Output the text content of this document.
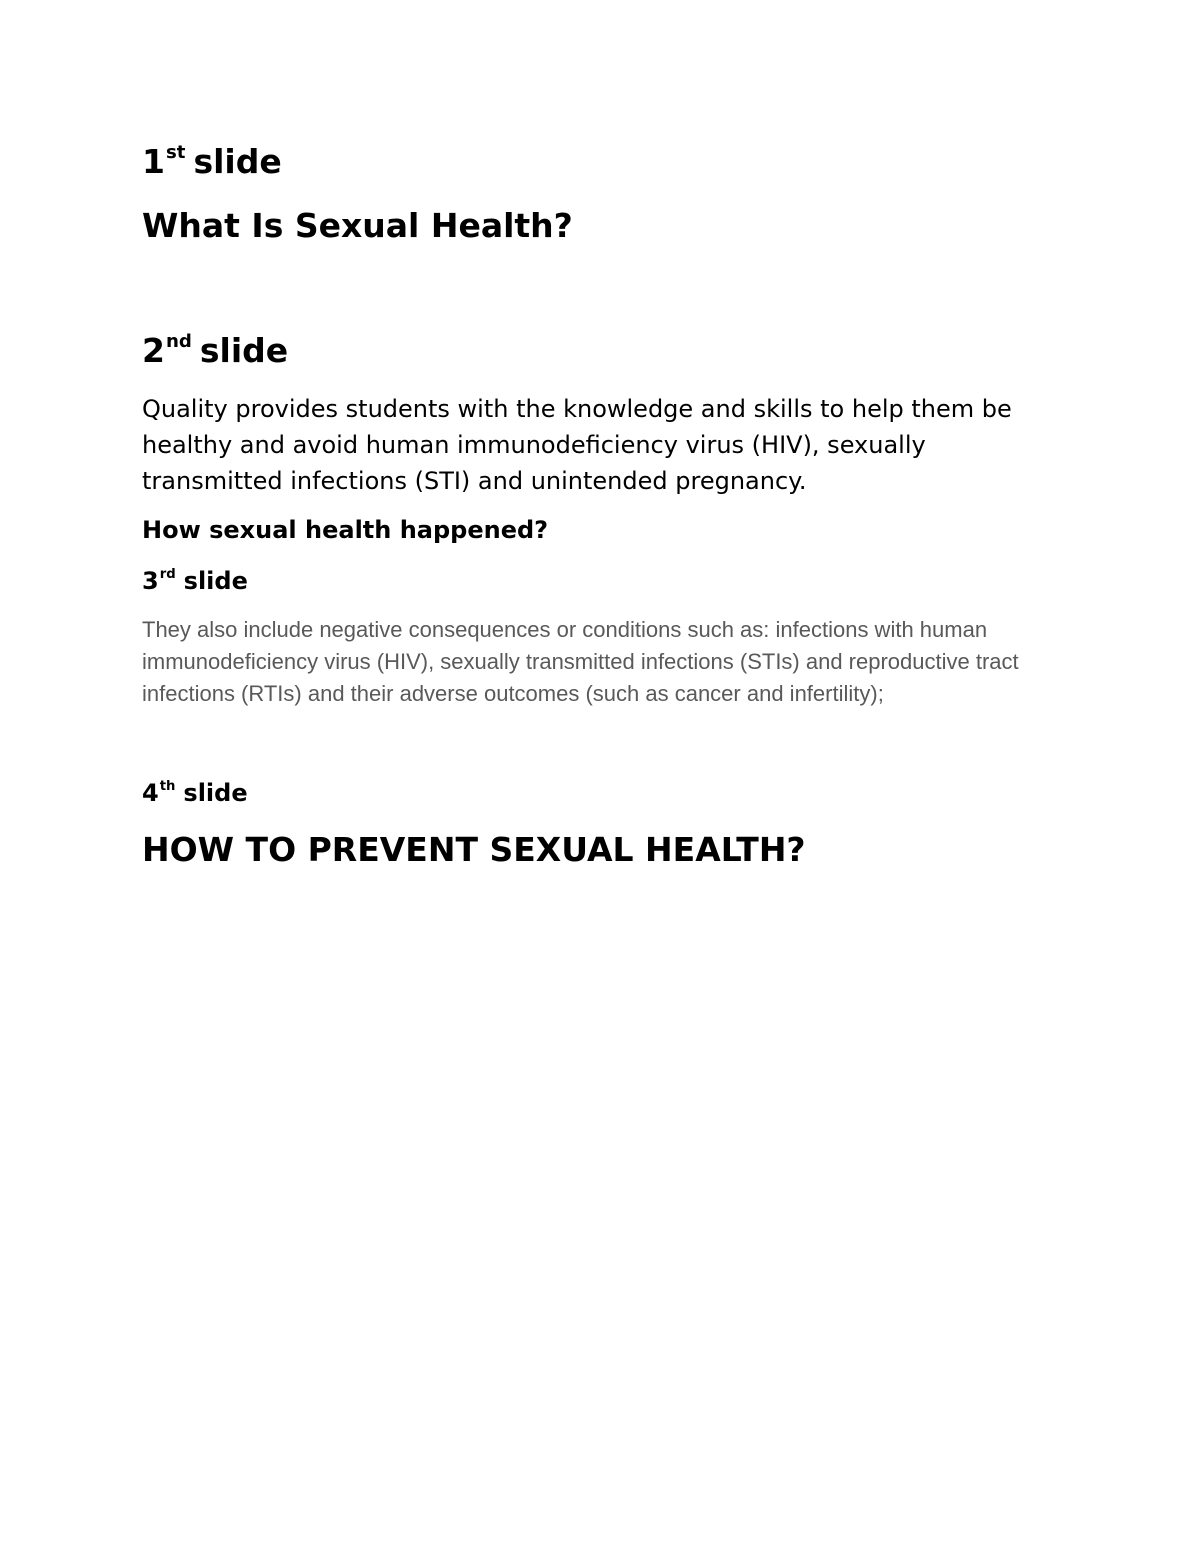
1st slide
What Is Sexual Health?
2nd slide

Quality provides students with the knowledge and skills to help them be healthy and avoid human immunodeficiency virus (HIV), sexually transmitted infections (STI) and unintended pregnancy.

How sexual health happened?
3rd slide

They also include negative consequences or conditions such as: infections with human immunodeficiency virus (HIV), sexually transmitted infections (STIs) and reproductive tract infections (RTIs) and their adverse outcomes (such as cancer and infertility);

4th slide
HOW TO PREVENT SEXUAL HEALTH?
